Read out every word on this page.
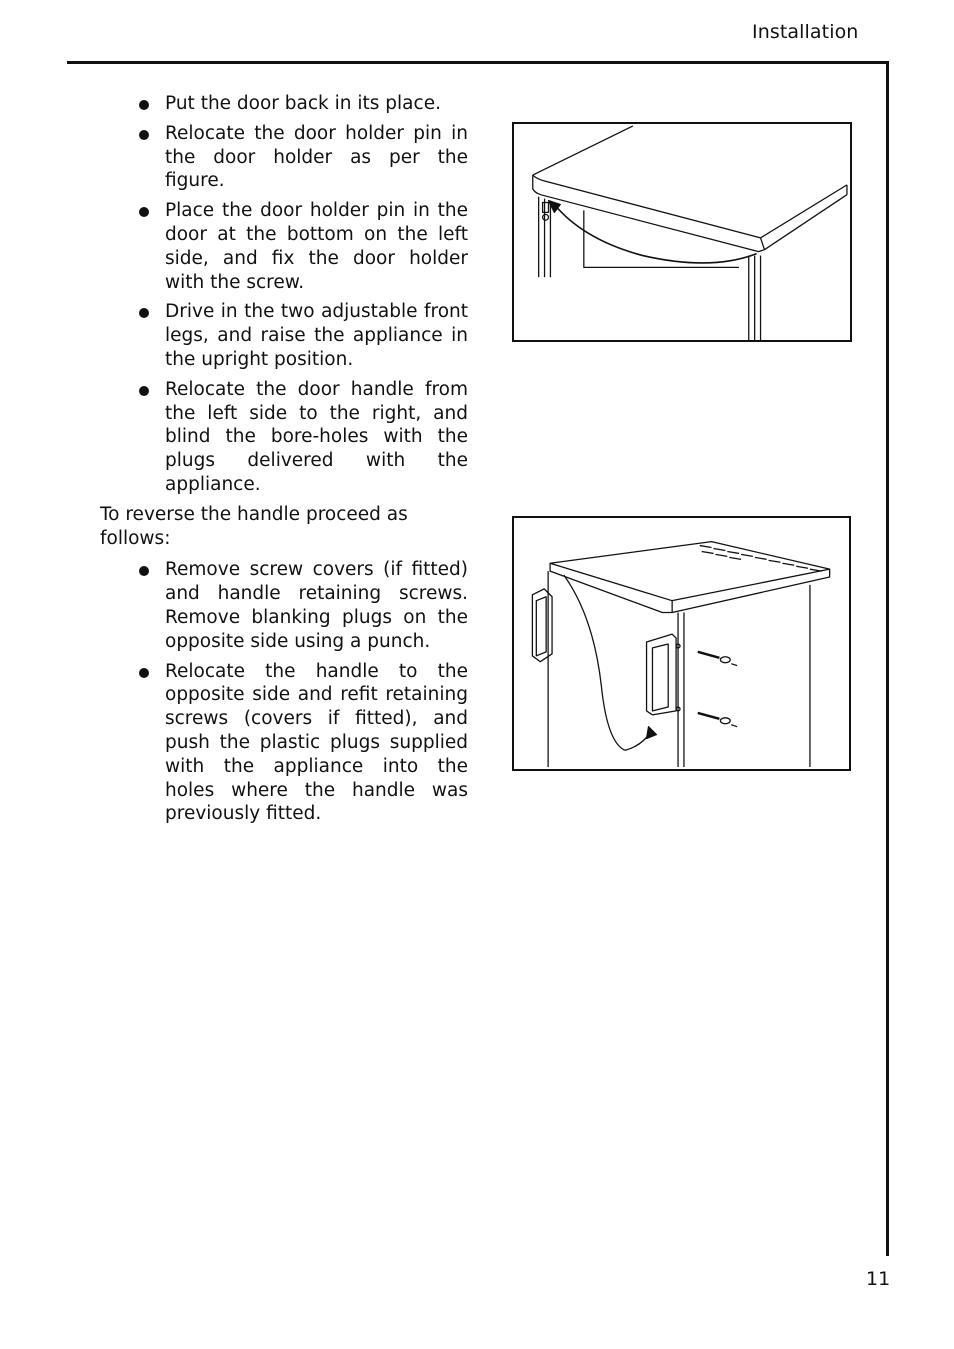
Installation
Put the door back in its place.
Relocate the door holder pin in the door holder as per the figure.
Place the door holder pin in the door at the bottom on the left side, and fix the door holder with the screw.
Drive in the two adjustable front legs, and raise the appliance in the upright position.
Relocate the door handle from the left side to the right, and blind the bore-holes with the plugs delivered with the appliance.
To reverse the handle proceed as follows:
Remove screw covers (if fitted) and handle retaining screws. Remove blanking plugs on the opposite side using a punch.
Relocate the handle to the opposite side and refit retaining screws (covers if fitted), and push the plastic plugs supplied with the appliance into the holes where the handle was previously fitted.
11
